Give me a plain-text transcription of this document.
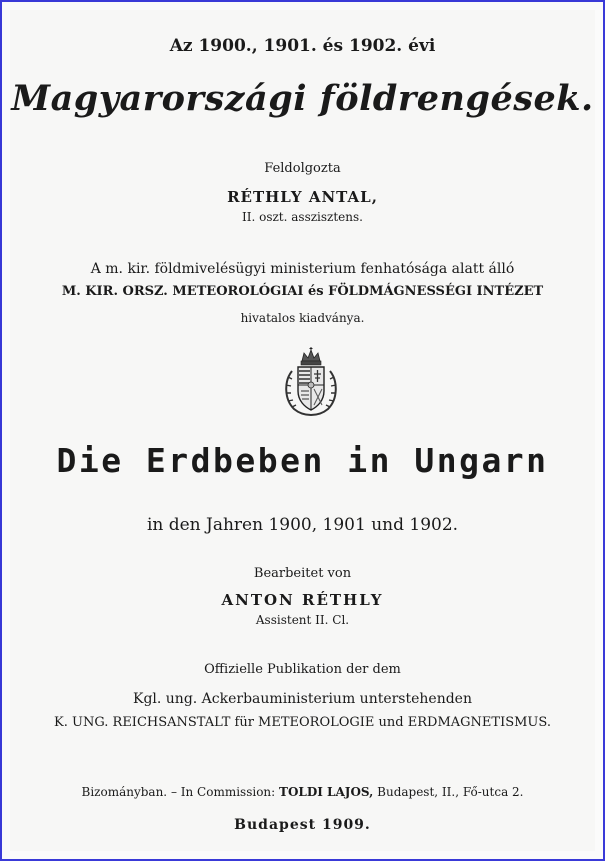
Az 1900., 1901. és 1902. évi
Magyarországi földrengések.
Feldolgozta
RÉTHLY ANTAL,
II. oszt. asszisztens.
A m. kir. földmivelésügyi ministerium fenhatósága alatt álló
M. KIR. ORSZ. METEOROLÓGIAI és FÖLDMÁGNESSÉGI INTÉZET
hivatalos kiadványa.
Die Erdbeben in Ungarn
in den Jahren 1900, 1901 und 1902.
Bearbeitet von
ANTON RÉTHLY
Assistent II. Cl.
Offizielle Publikation der dem
Kgl. ung. Ackerbauministerium unterstehenden
K. UNG. REICHSANSTALT für METEOROLOGIE und ERDMAGNETISMUS.
Bizományban. – In Commission: TOLDI LAJOS, Budapest, II., Fő-utca 2.
Budapest 1909.
